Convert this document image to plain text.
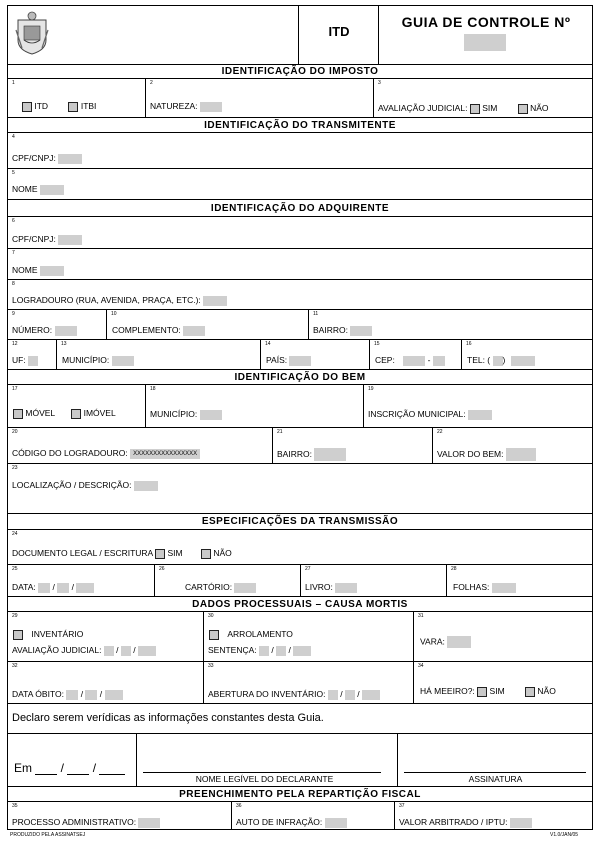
ITD
GUIA DE CONTROLE Nº
IDENTIFICAÇÃO DO IMPOSTO
1
ITD	ITBI
2
NATUREZA:
3
AVALIAÇÃO JUDICIAL: SIM	NÃO
IDENTIFICAÇÃO DO TRANSMITENTE
4
CPF/CNPJ:
5
NOME
IDENTIFICAÇÃO DO ADQUIRENTE
6
CPF/CNPJ:
7
NOME
8
LOGRADOURO (RUA, AVENIDA, PRAÇA, ETC.):
9
NÚMERO:
10
COMPLEMENTO:
11
BAIRRO:
12
UF:
13
MUNICÍPIO:
14
PAÍS:
15
CEP:	-
16
TEL: ( )
IDENTIFICAÇÃO DO BEM
17
MÓVEL	IMÓVEL
18
MUNICÍPIO:
19
INSCRIÇÃO MUNICIPAL:
20
CÓDIGO DO LOGRADOURO: XXXXXXXXXXXXXXXX
21
BAIRRO:
22
VALOR DO BEM:
23
LOCALIZAÇÃO / DESCRIÇÃO:
ESPECIFICAÇÕES DA TRANSMISSÃO
24
DOCUMENTO LEGAL / ESCRITURA SIM	NÃO
25
DATA:  /  /
26
CARTÓRIO:
27
LIVRO:
28
FOLHAS:
DADOS PROCESSUAIS – CAUSA MORTIS
29
INVENTÁRIO
AVALIAÇÃO JUDICIAL:  /  /
30
ARROLAMENTO
SENTENÇA:  /  /
31
VARA:
32
DATA ÓBITO:  /  /
33
ABERTURA DO INVENTÁRIO:  /  /
34
HÁ MEEIRO?: SIM	NÃO
Declaro serem verídicas as informações constantes desta Guia.
Em  /  /
NOME LEGÍVEL DO DECLARANTE	ASSINATURA
PREENCHIMENTO PELA REPARTIÇÃO FISCAL
35
PROCESSO ADMINISTRATIVO:
36
AUTO DE INFRAÇÃO:
37
VALOR ARBITRADO / IPTU:
PRODUZIDO PELA ASSINATSEJ	V1.0/JAN/05
